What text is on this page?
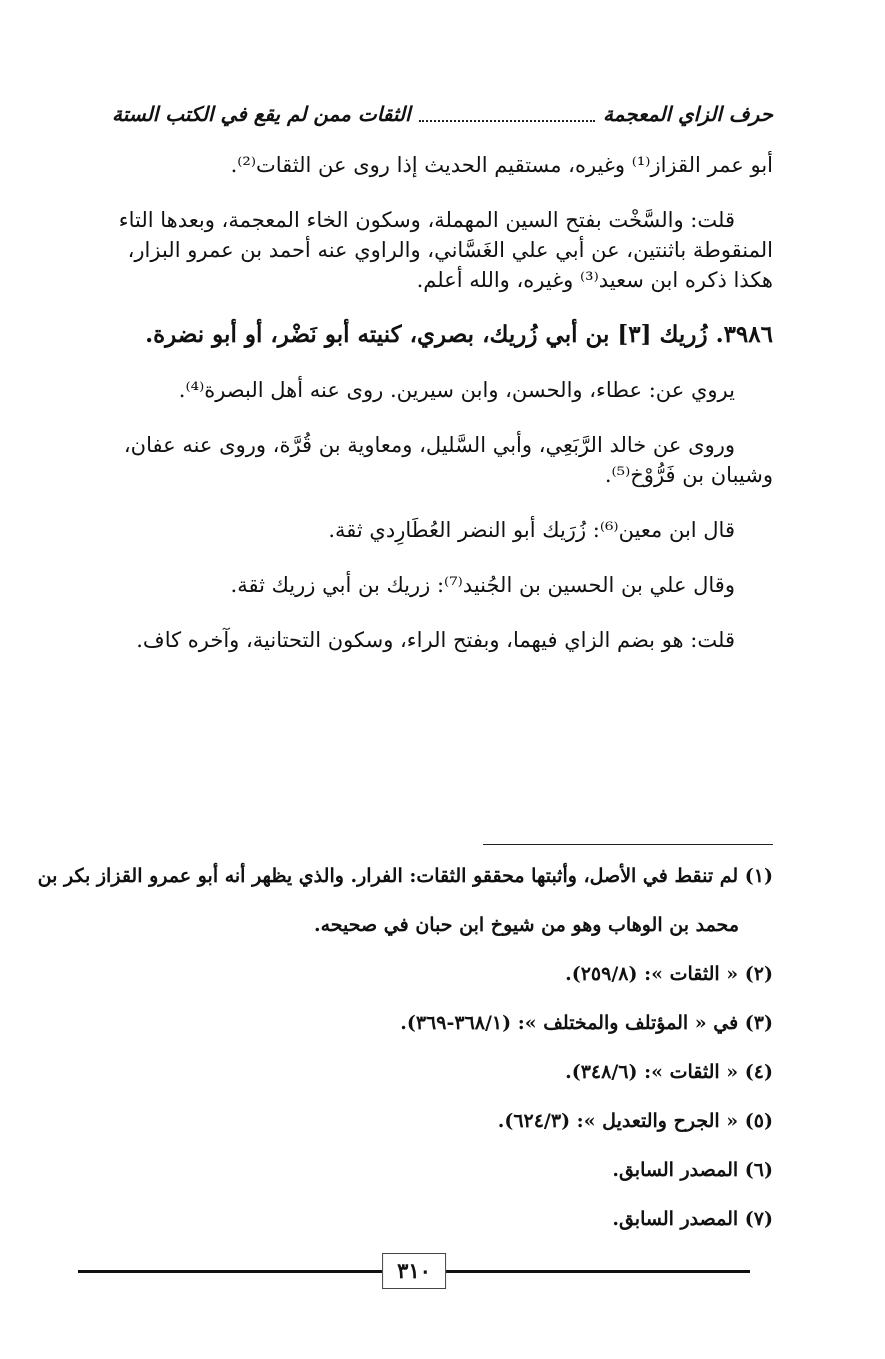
حرف الزاي المعجمة
الثقات ممن لم يقع في الكتب الستة

أبو عمر القزاز⁽¹⁾ وغيره، مستقيم الحديث إذا روى عن الثقات⁽²⁾.

قلت: والسَّخْت بفتح السين المهملة، وسكون الخاء المعجمة، وبعدها التاء

المنقوطة باثنتين، عن أبي علي الغَسَّاني، والراوي عنه أحمد بن عمرو البزار،

هكذا ذكره ابن سعيد⁽³⁾ وغيره، والله أعلم.

٣٩٨٦. زُريك [٣] بن أبي زُريك، بصري، كنيته أبو نَضْر، أو أبو نضرة.

يروي عن: عطاء، والحسن، وابن سيرين. روى عنه أهل البصرة⁽⁴⁾.

وروى عن خالد الرَّبَعِي، وأبي السَّليل، ومعاوية بن قُرَّة، وروى عنه عفان،

وشيبان بن فَرُّوْخ⁽⁵⁾.

قال ابن معين⁽⁶⁾: زُرَيك أبو النضر العُطَارِدي ثقة.

وقال علي بن الحسين بن الجُنيد⁽⁷⁾: زريك بن أبي زريك ثقة.

قلت: هو بضم الزاي فيهما، وبفتح الراء، وسكون التحتانية، وآخره كاف.

(١) لم تنقط في الأصل، وأثبتها محققو الثقات: الفرار. والذي يظهر أنه أبو عمرو القزاز بكر بن
محمد بن الوهاب وهو من شيوخ ابن حبان في صحيحه.
(٢) « الثقات »: (٢٥٩/٨).
(٣) في « المؤتلف والمختلف »: (٣٦٨/١-٣٦٩).
(٤) « الثقات »: (٣٤٨/٦).
(٥) « الجرح والتعديل »: (٦٢٤/٣).
(٦) المصدر السابق.
(٧) المصدر السابق.
٣١٠
